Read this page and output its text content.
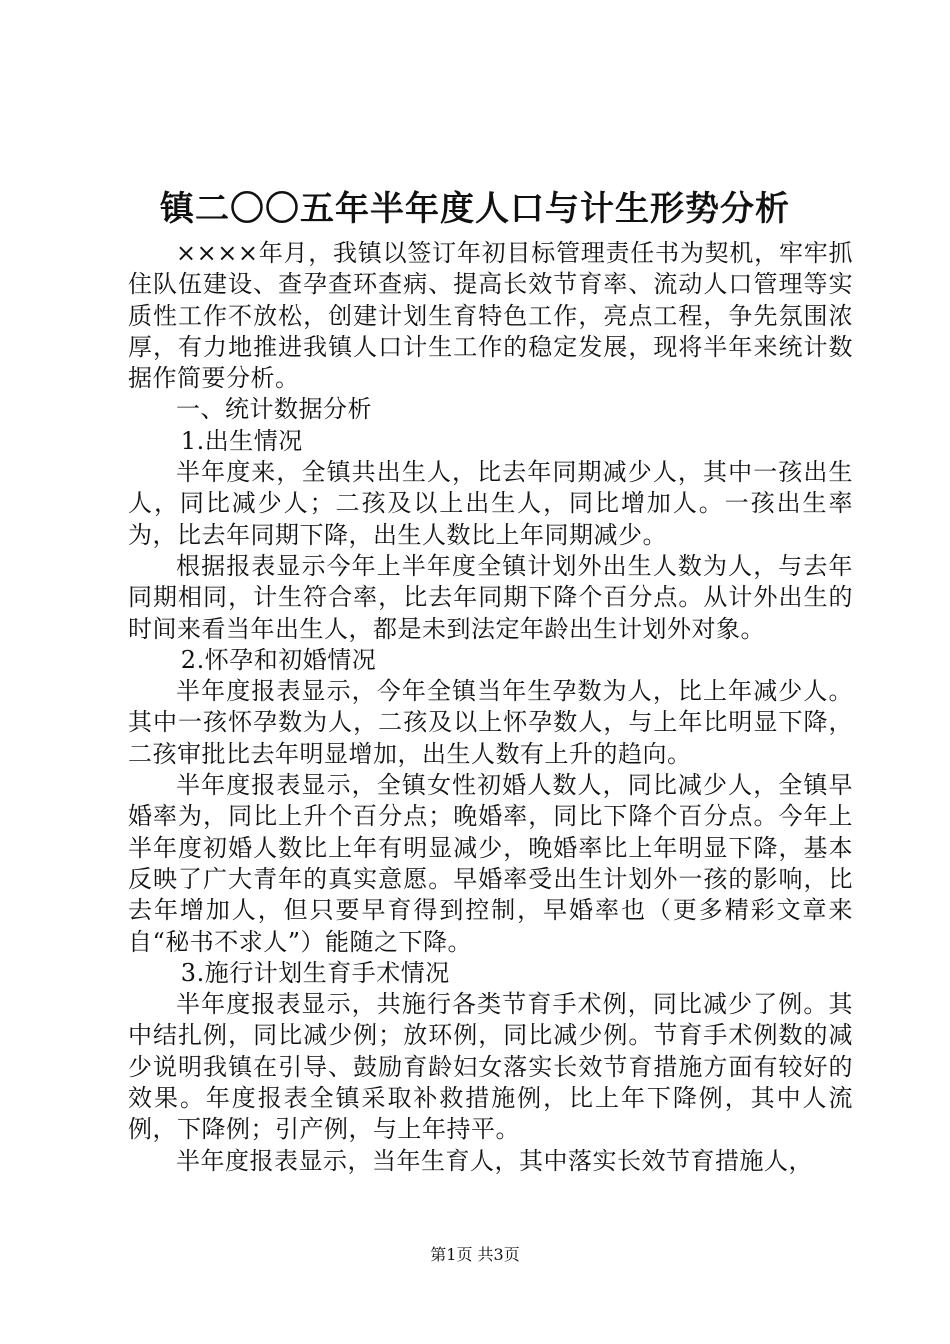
镇二〇〇五年半年度人口与计生形势分析

××××年月，我镇以签订年初目标管理责任书为契机，牢牢抓住队伍建设、查孕查环查病、提高长效节育率、流动人口管理等实质性工作不放松，创建计划生育特色工作，亮点工程，争先氛围浓厚，有力地推进我镇人口计生工作的稳定发展，现将半年来统计数据作简要分析。

一、统计数据分析

1.出生情况

半年度来，全镇共出生人，比去年同期减少人，其中一孩出生人，同比减少人；二孩及以上出生人，同比增加人。一孩出生率为，比去年同期下降，出生人数比上年同期减少。

根据报表显示今年上半年度全镇计划外出生人数为人，与去年同期相同，计生符合率，比去年同期下降个百分点。从计外出生的时间来看当年出生人，都是未到法定年龄出生计划外对象。

2.怀孕和初婚情况

半年度报表显示，今年全镇当年生孕数为人，比上年减少人。其中一孩怀孕数为人，二孩及以上怀孕数人，与上年比明显下降，二孩审批比去年明显增加，出生人数有上升的趋向。

半年度报表显示，全镇女性初婚人数人，同比减少人，全镇早婚率为，同比上升个百分点；晚婚率，同比下降个百分点。今年上半年度初婚人数比上年有明显减少，晚婚率比上年明显下降，基本反映了广大青年的真实意愿。早婚率受出生计划外一孩的影响，比去年增加人，但只要早育得到控制，早婚率也（更多精彩文章来自“秘书不求人”）能随之下降。

3.施行计划生育手术情况

半年度报表显示，共施行各类节育手术例，同比减少了例。其中结扎例，同比减少例；放环例，同比减少例。节育手术例数的减少说明我镇在引导、鼓励育龄妇女落实长效节育措施方面有较好的效果。年度报表全镇采取补救措施例，比上年下降例，其中人流例，下降例；引产例，与上年持平。

半年度报表显示，当年生育人，其中落实长效节育措施人，

第1页 共3页
